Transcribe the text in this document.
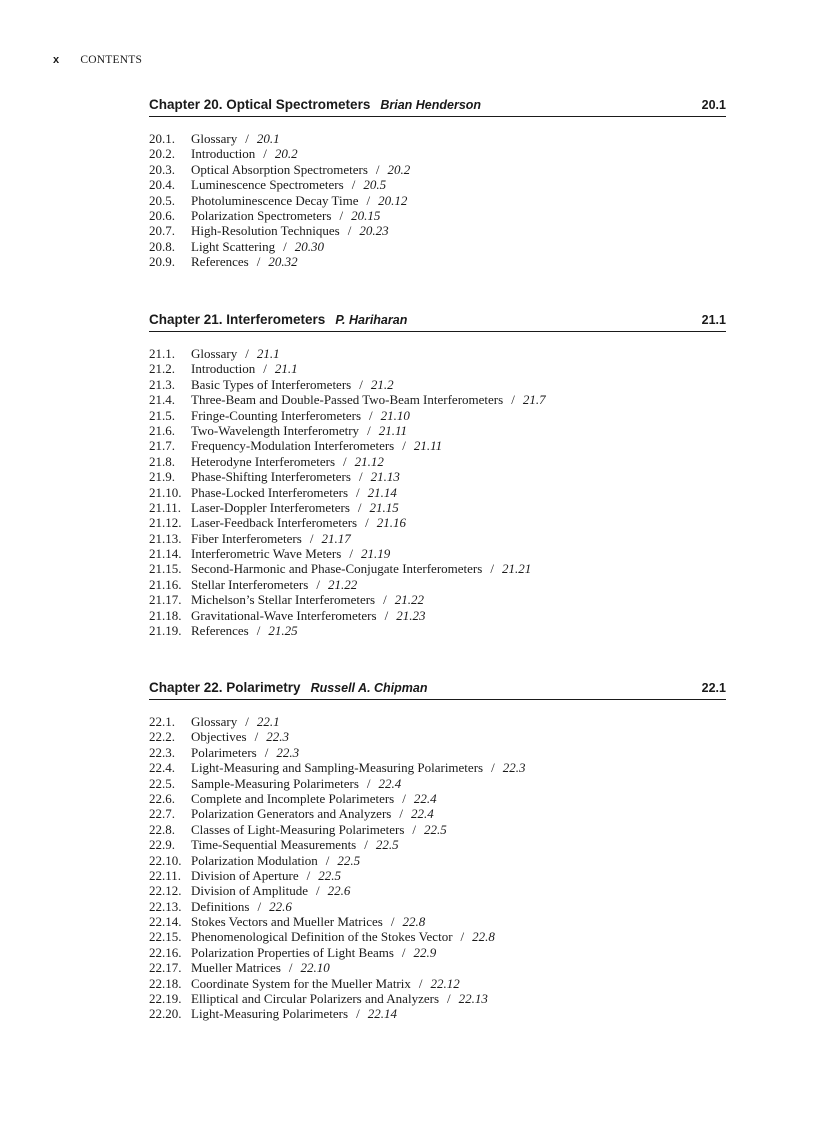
x CONTENTS
Chapter 20. Optical Spectrometers Brian Henderson	20.1
20.1. Glossary / 20.1
20.2. Introduction / 20.2
20.3. Optical Absorption Spectrometers / 20.2
20.4. Luminescence Spectrometers / 20.5
20.5. Photoluminescence Decay Time / 20.12
20.6. Polarization Spectrometers / 20.15
20.7. High-Resolution Techniques / 20.23
20.8. Light Scattering / 20.30
20.9. References / 20.32
Chapter 21. Interferometers P. Hariharan	21.1
21.1. Glossary / 21.1
21.2. Introduction / 21.1
21.3. Basic Types of Interferometers / 21.2
21.4. Three-Beam and Double-Passed Two-Beam Interferometers / 21.7
21.5. Fringe-Counting Interferometers / 21.10
21.6. Two-Wavelength Interferometry / 21.11
21.7. Frequency-Modulation Interferometers / 21.11
21.8. Heterodyne Interferometers / 21.12
21.9. Phase-Shifting Interferometers / 21.13
21.10. Phase-Locked Interferometers / 21.14
21.11. Laser-Doppler Interferometers / 21.15
21.12. Laser-Feedback Interferometers / 21.16
21.13. Fiber Interferometers / 21.17
21.14. Interferometric Wave Meters / 21.19
21.15. Second-Harmonic and Phase-Conjugate Interferometers / 21.21
21.16. Stellar Interferometers / 21.22
21.17. Michelson’s Stellar Interferometers / 21.22
21.18. Gravitational-Wave Interferometers / 21.23
21.19. References / 21.25
Chapter 22. Polarimetry Russell A. Chipman	22.1
22.1. Glossary / 22.1
22.2. Objectives / 22.3
22.3. Polarimeters / 22.3
22.4. Light-Measuring and Sampling-Measuring Polarimeters / 22.3
22.5. Sample-Measuring Polarimeters / 22.4
22.6. Complete and Incomplete Polarimeters / 22.4
22.7. Polarization Generators and Analyzers / 22.4
22.8. Classes of Light-Measuring Polarimeters / 22.5
22.9. Time-Sequential Measurements / 22.5
22.10. Polarization Modulation / 22.5
22.11. Division of Aperture / 22.5
22.12. Division of Amplitude / 22.6
22.13. Definitions / 22.6
22.14. Stokes Vectors and Mueller Matrices / 22.8
22.15. Phenomenological Definition of the Stokes Vector / 22.8
22.16. Polarization Properties of Light Beams / 22.9
22.17. Mueller Matrices / 22.10
22.18. Coordinate System for the Mueller Matrix / 22.12
22.19. Elliptical and Circular Polarizers and Analyzers / 22.13
22.20. Light-Measuring Polarimeters / 22.14
